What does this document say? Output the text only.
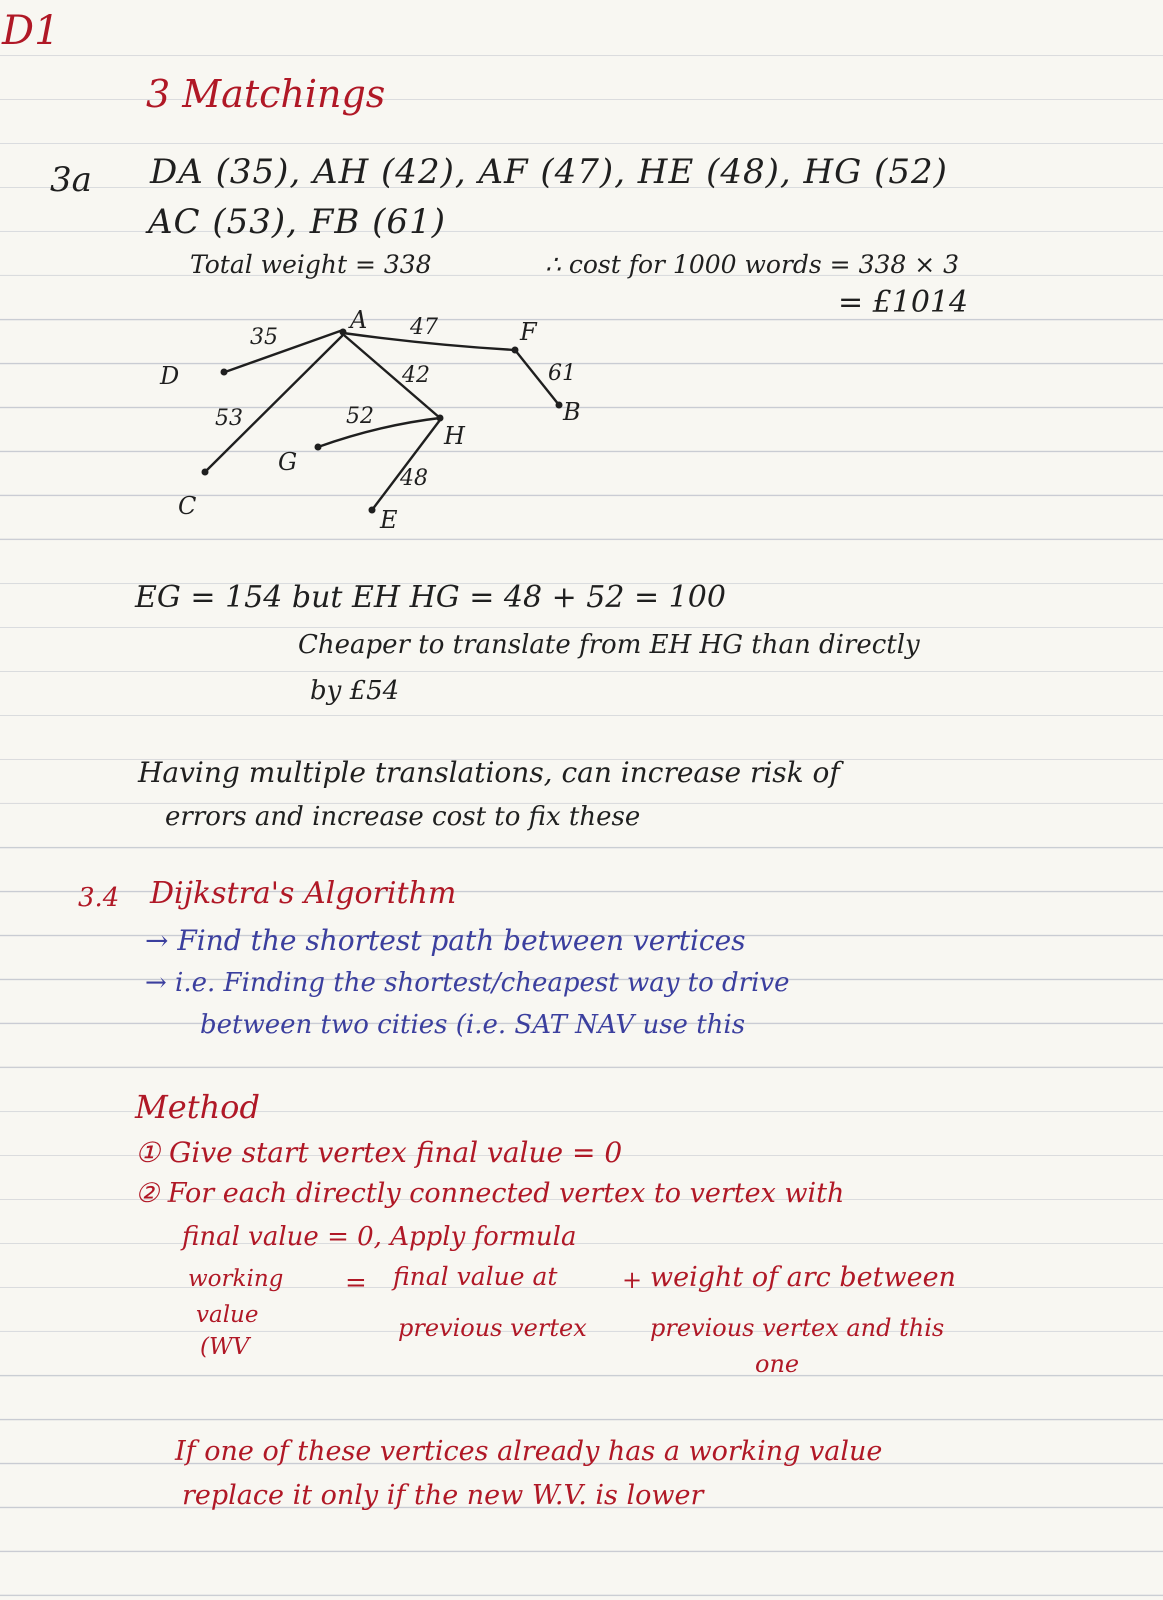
D1
3 Matchings
3a DA (35), AH (42), AF (47), HE (48), HG (52)
AC (53), FB (61)
Total weight = 338	∴ cost for 1000 words = 338 × 3
= £1014
A
B
C
D
E
F
G
H
35	47
42	61
53	52
48
EG = 154 but EH HG = 48 + 52 = 100
Cheaper to translate from EH HG than directly
by £54
Having multiple translations, can increase risk of
errors and increase cost to fix these
3.4 Dijkstra's Algorithm
→ Find the shortest path between vertices
→ i.e. Finding the shortest/cheapest way to drive
between two cities (i.e. SAT NAV use this
Method
① Give start vertex final value = 0
② For each directly connected vertex to vertex with
final value = 0, Apply formula
working
value
(WV
= final value at
previous vertex
+ weight of arc between
previous vertex and this
one
If one of these vertices already has a working value
replace it only if the new W.V. is lower
